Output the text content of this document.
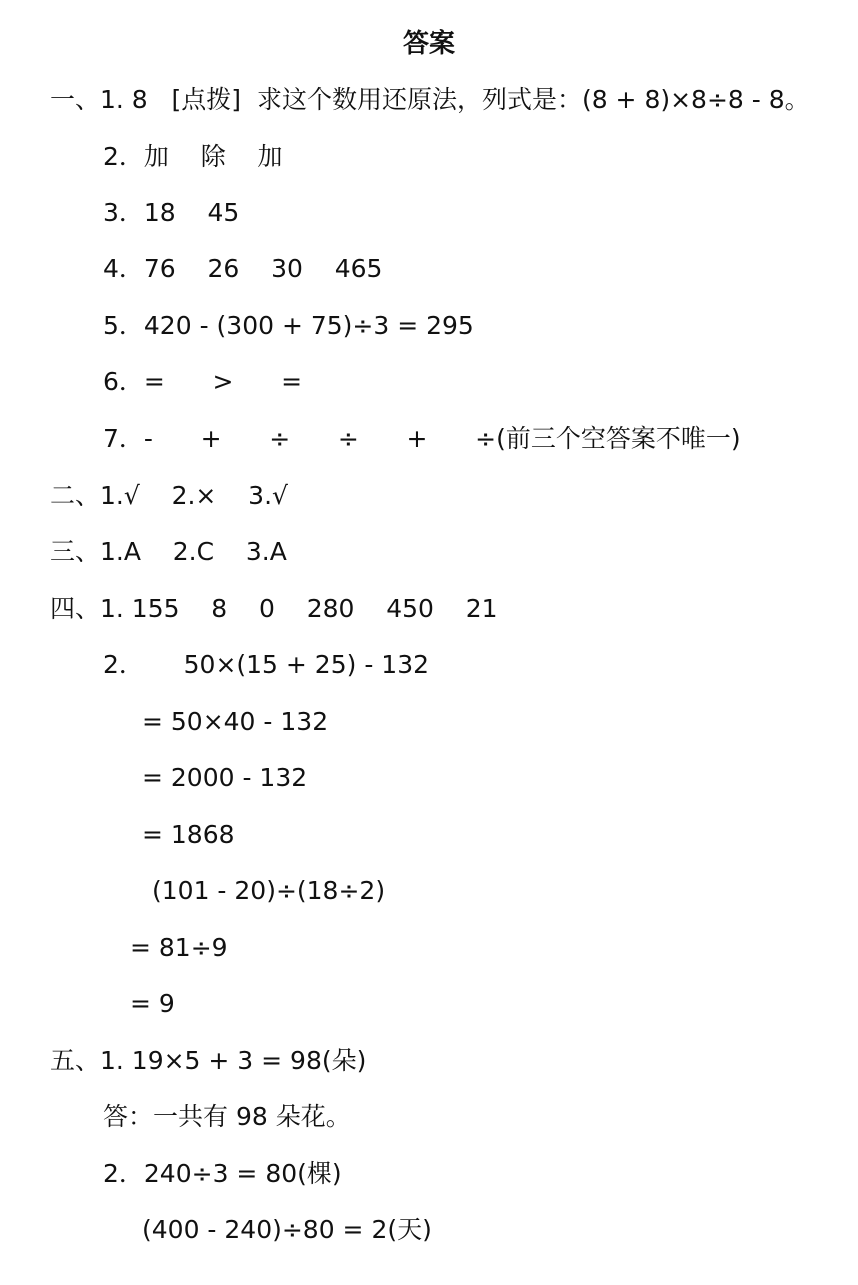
答案
一、1. 8   [点拨]  求这个数用还原法，列式是：(8 + 8)×8÷8 - 8。
2．加    除    加
3．18    45
4．76    26    30    465
5．420 - (300 + 75)÷3 = 295
6．=      >      =
7．-      +      ÷      ÷      +      ÷(前三个空答案不唯一)
二、1.√    2.×    3.√
三、1.A    2.C    3.A
四、1. 155    8    0    280    450    21
2．     50×(15 + 25) - 132
= 50×40 - 132
= 2000 - 132
= 1868
(101 - 20)÷(18÷2)
= 81÷9
= 9
五、1. 19×5 + 3 = 98(朵)
答：一共有 98 朵花。
2．240÷3 = 80(棵)
(400 - 240)÷80 = 2(天)
